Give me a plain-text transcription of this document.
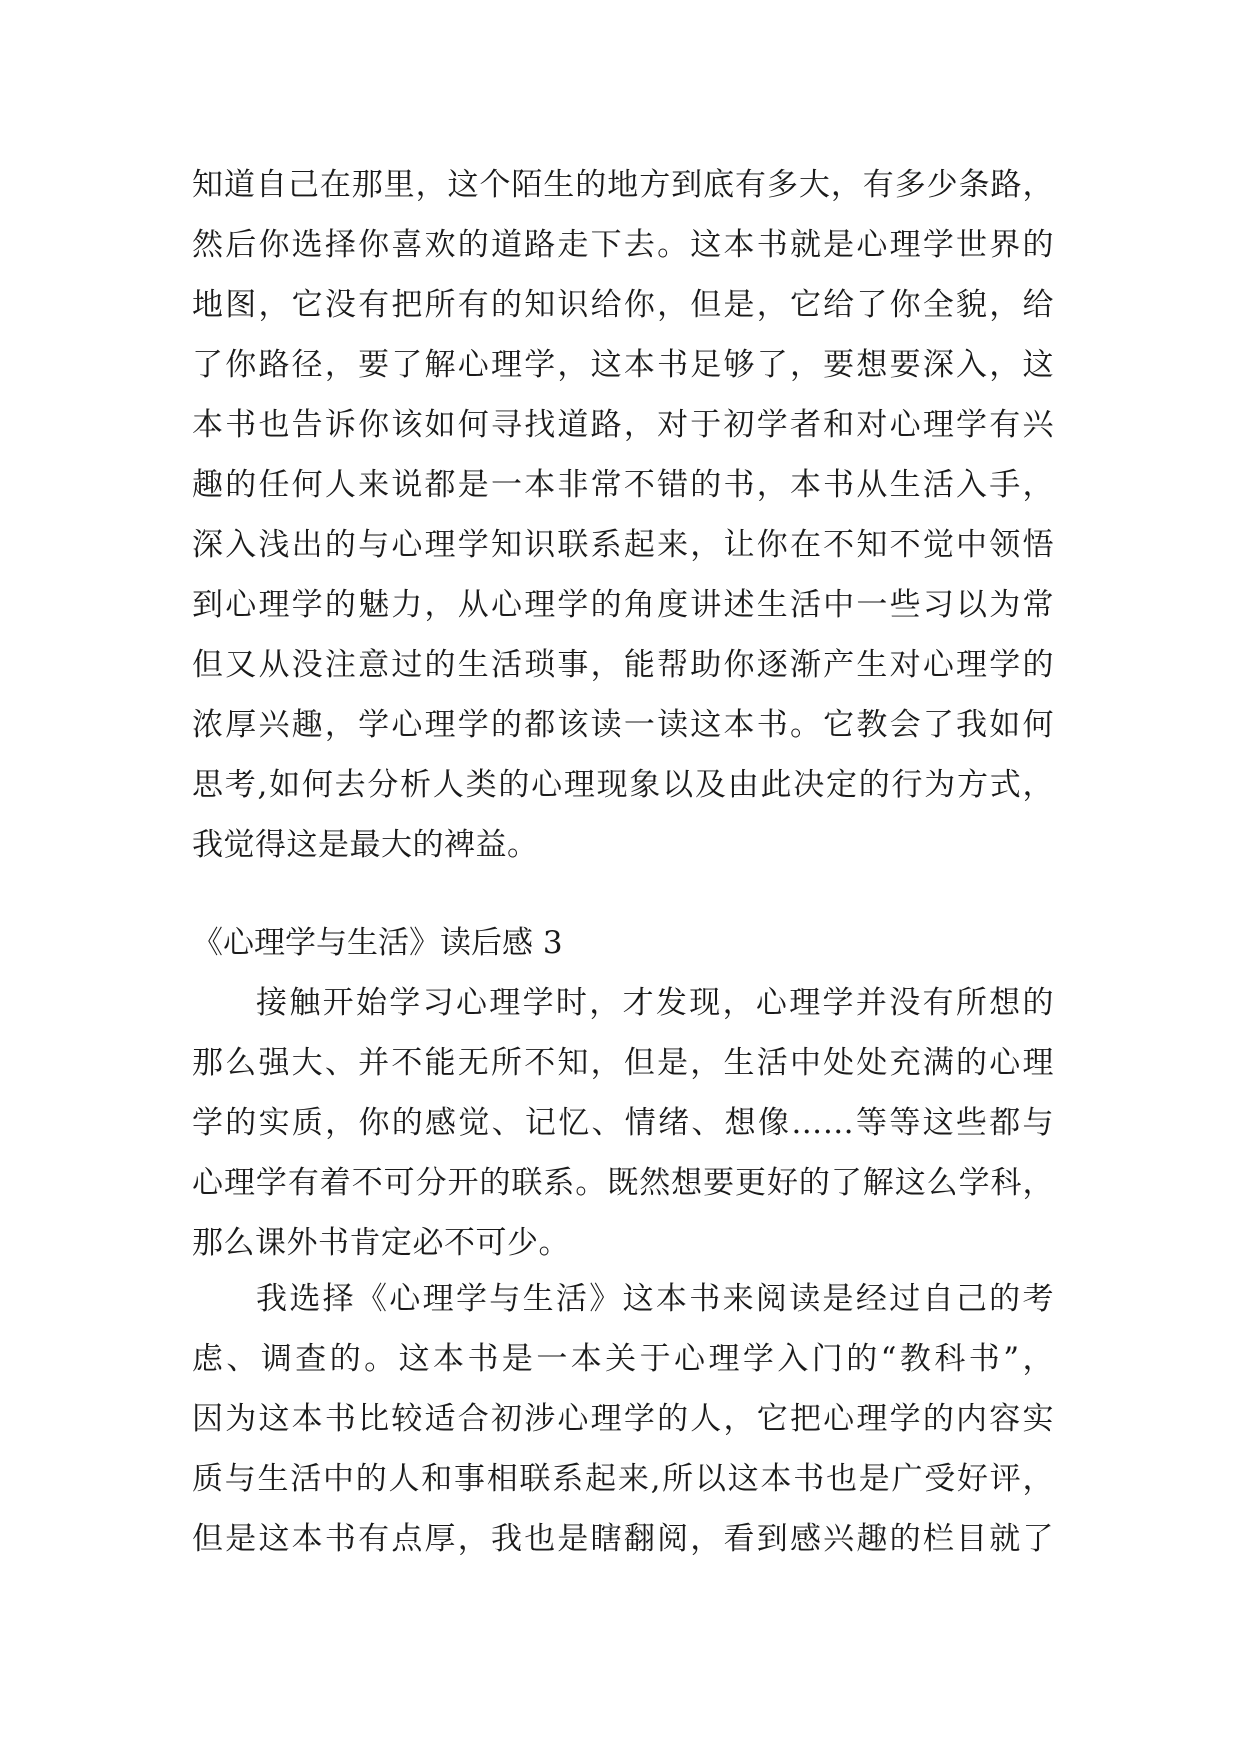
知道自己在那里，这个陌生的地方到底有多大，有多少条路，
然后你选择你喜欢的道路走下去。这本书就是心理学世界的
地图，它没有把所有的知识给你，但是，它给了你全貌，给
了你路径，要了解心理学，这本书足够了，要想要深入，这
本书也告诉你该如何寻找道路，对于初学者和对心理学有兴
趣的任何人来说都是一本非常不错的书，本书从生活入手，
深入浅出的与心理学知识联系起来，让你在不知不觉中领悟
到心理学的魅力，从心理学的角度讲述生活中一些习以为常
但又从没注意过的生活琐事，能帮助你逐渐产生对心理学的
浓厚兴趣，学心理学的都该读一读这本书。它教会了我如何
思考,如何去分析人类的心理现象以及由此决定的行为方式，
我觉得这是最大的裨益。
《心理学与生活》读后感 3
接触开始学习心理学时，才发现，心理学并没有所想的
那么强大、并不能无所不知，但是，生活中处处充满的心理
学的实质，你的感觉、记忆、情绪、想像……等等这些都与
心理学有着不可分开的联系。既然想要更好的了解这么学科，
那么课外书肯定必不可少。
我选择《心理学与生活》这本书来阅读是经过自己的考
虑、调查的。这本书是一本关于心理学入门的“教科书”，
因为这本书比较适合初涉心理学的人，它把心理学的内容实
质与生活中的人和事相联系起来,所以这本书也是广受好评，
但是这本书有点厚，我也是瞎翻阅，看到感兴趣的栏目就了
